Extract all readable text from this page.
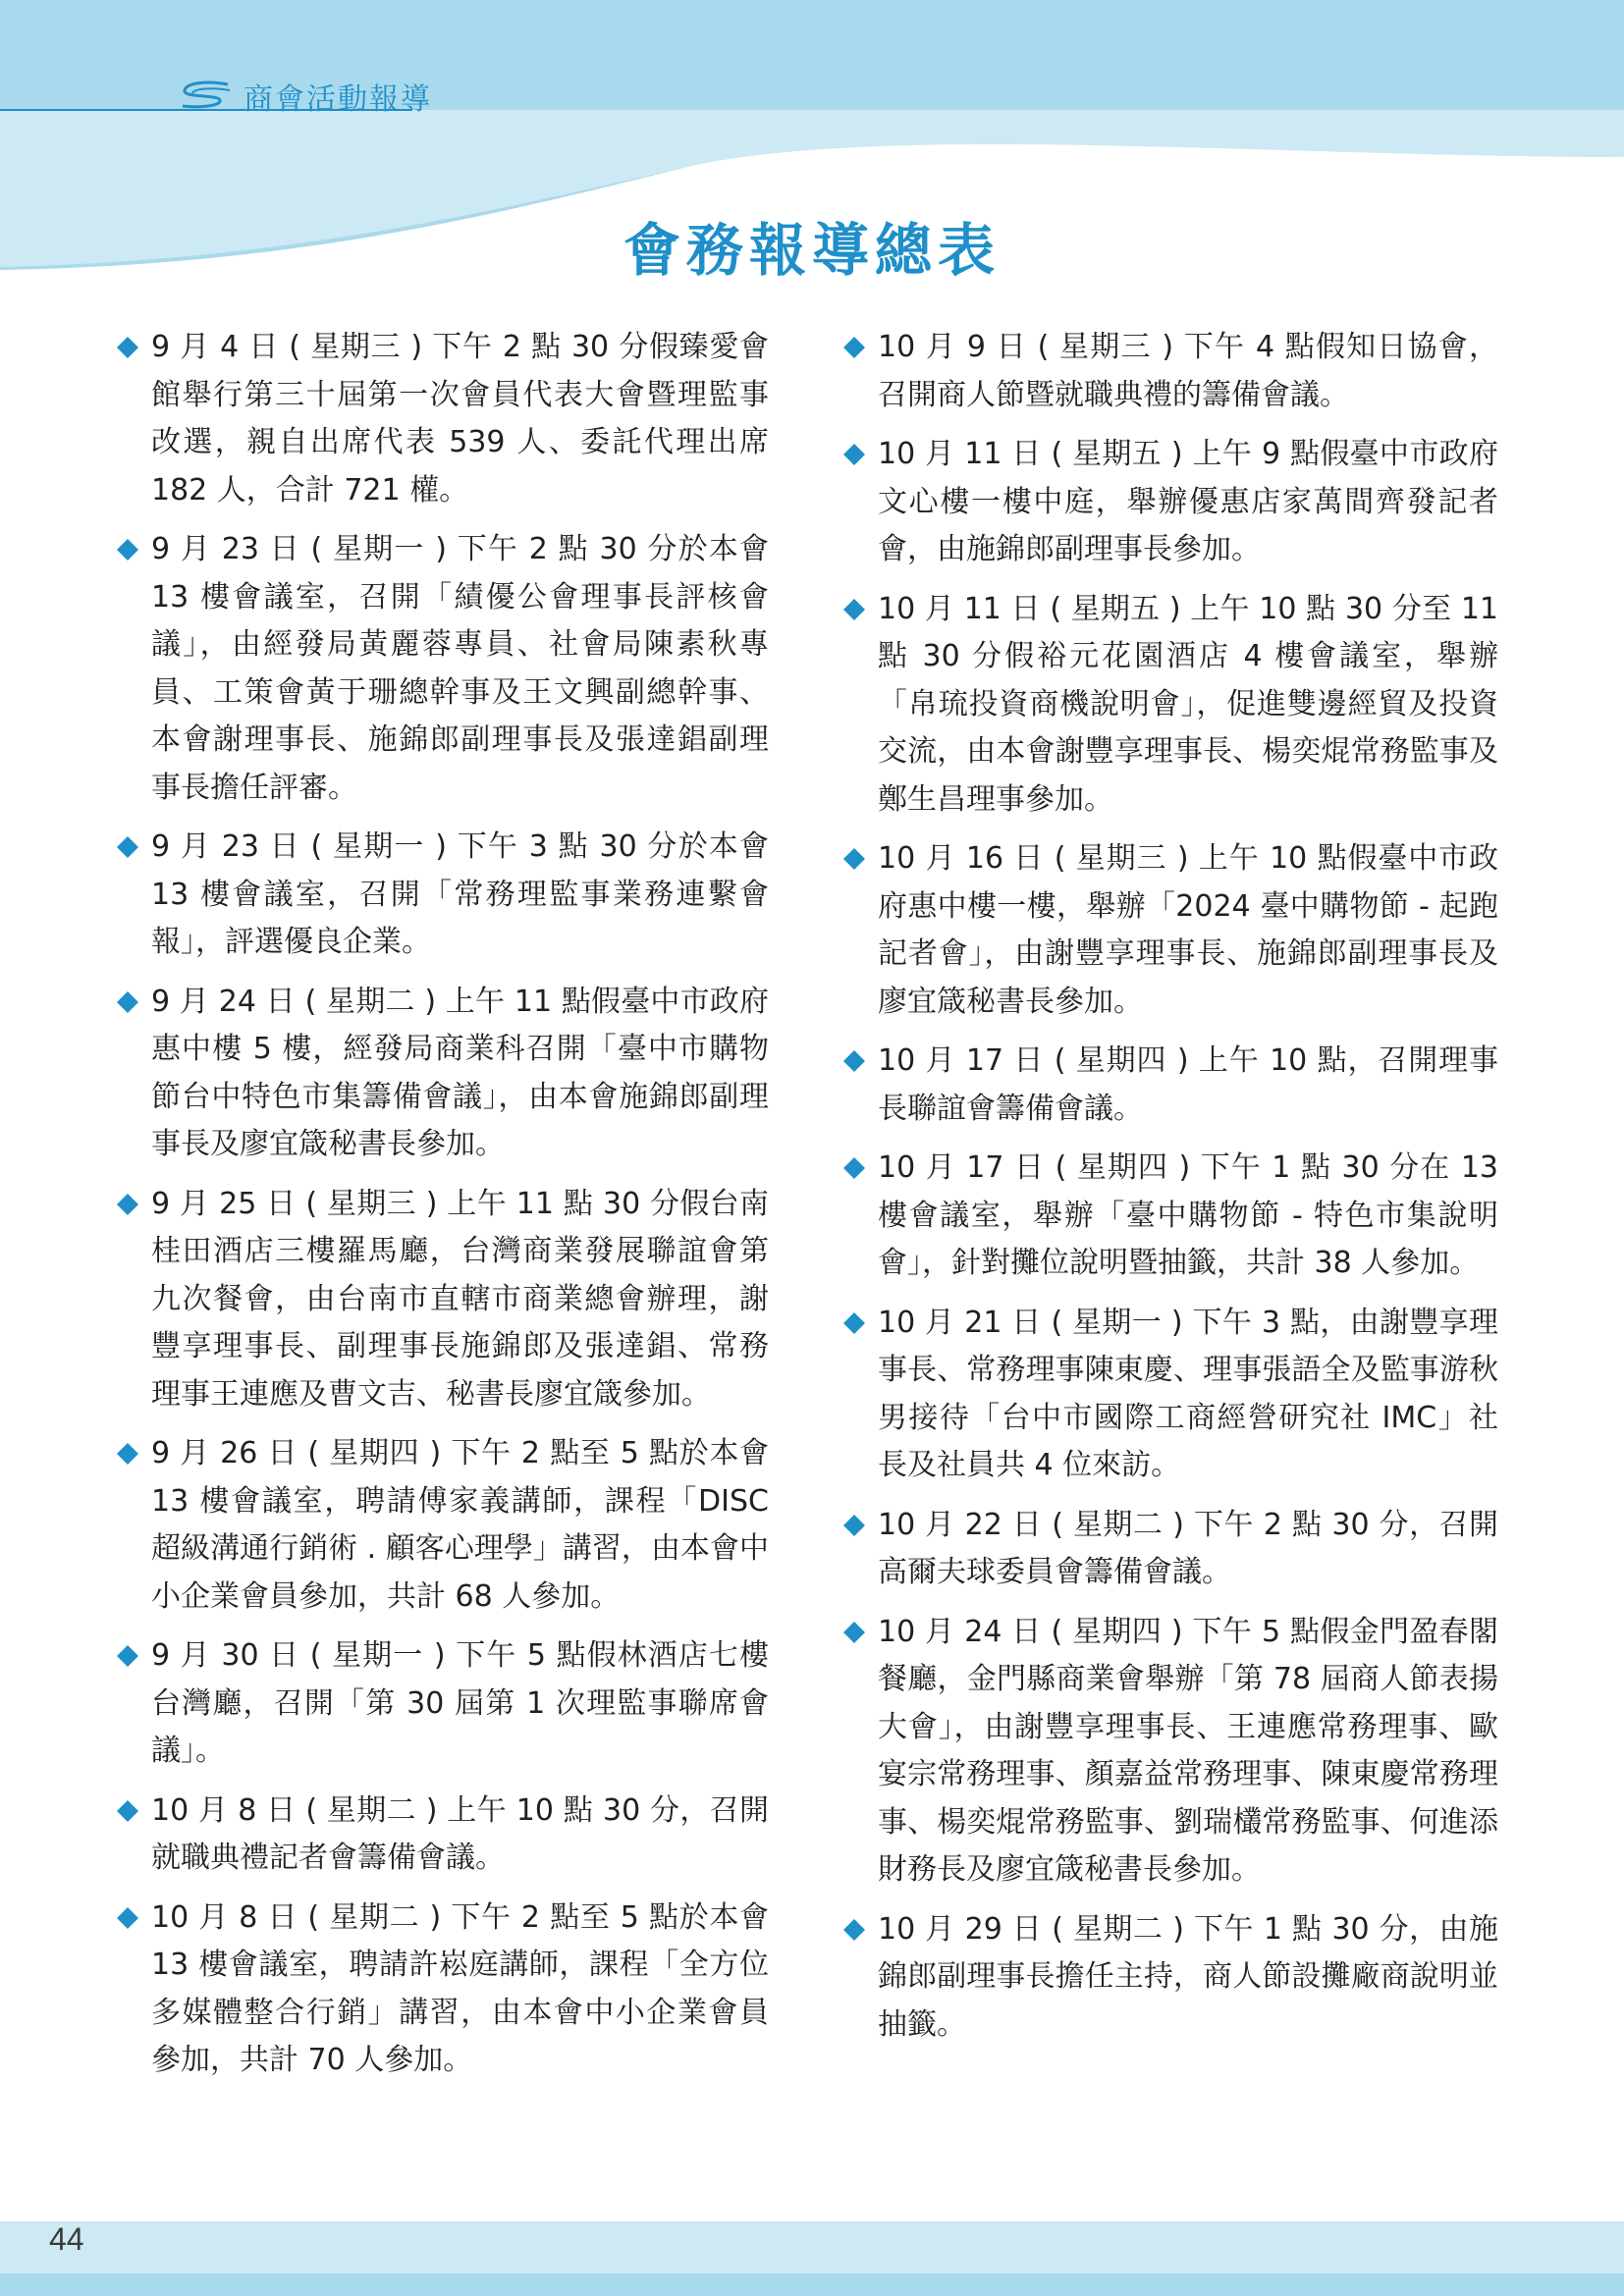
商會活動報導
會務報導總表
9 月 4 日 ( 星期三 ) 下午 2 點 30 分假臻愛會館舉行第三十屆第一次會員代表大會暨理監事改選，親自出席代表 539 人、委託代理出席 182 人，合計 721 權。
9 月 23 日 ( 星期一 ) 下午 2 點 30 分於本會 13 樓會議室，召開「績優公會理事長評核會議」，由經發局黃麗蓉專員、社會局陳素秋專員、工策會黃于珊總幹事及王文興副總幹事、本會謝理事長、施錦郎副理事長及張達錩副理事長擔任評審。
9 月 23 日 ( 星期一 ) 下午 3 點 30 分於本會 13 樓會議室，召開「常務理監事業務連繫會報」，評選優良企業。
9 月 24 日 ( 星期二 ) 上午 11 點假臺中市政府惠中樓 5 樓，經發局商業科召開「臺中市購物節台中特色市集籌備會議」，由本會施錦郎副理事長及廖宜箴秘書長參加。
9 月 25 日 ( 星期三 ) 上午 11 點 30 分假台南桂田酒店三樓羅馬廳，台灣商業發展聯誼會第九次餐會，由台南市直轄市商業總會辦理，謝豐享理事長、副理事長施錦郎及張達錩、常務理事王連應及曹文吉、秘書長廖宜箴參加。
9 月 26 日 ( 星期四 ) 下午 2 點至 5 點於本會 13 樓會議室，聘請傅家義講師，課程「DISC超級溝通行銷術 . 顧客心理學」講習，由本會中小企業會員參加，共計 68 人參加。
9 月 30 日 ( 星期一 ) 下午 5 點假林酒店七樓台灣廳，召開「第 30 屆第 1 次理監事聯席會議」。
10 月 8 日 ( 星期二 ) 上午 10 點 30 分，召開就職典禮記者會籌備會議。
10 月 8 日 ( 星期二 ) 下午 2 點至 5 點於本會 13 樓會議室，聘請許崧庭講師，課程「全方位多媒體整合行銷」講習，由本會中小企業會員參加，共計 70 人參加。
10 月 9 日 ( 星期三 ) 下午 4 點假知日協會，召開商人節暨就職典禮的籌備會議。
10 月 11 日 ( 星期五 ) 上午 9 點假臺中市政府文心樓一樓中庭，舉辦優惠店家萬間齊發記者會，由施錦郎副理事長參加。
10 月 11 日 ( 星期五 ) 上午 10 點 30 分至 11 點 30 分假裕元花園酒店 4 樓會議室，舉辦「帛琉投資商機說明會」，促進雙邊經貿及投資交流，由本會謝豐享理事長、楊奕焜常務監事及鄭生昌理事參加。
10 月 16 日 ( 星期三 ) 上午 10 點假臺中市政府惠中樓一樓，舉辦「2024 臺中購物節 - 起跑記者會」，由謝豐享理事長、施錦郎副理事長及廖宜箴秘書長參加。
10 月 17 日 ( 星期四 ) 上午 10 點，召開理事長聯誼會籌備會議。
10 月 17 日 ( 星期四 ) 下午 1 點 30 分在 13 樓會議室，舉辦「臺中購物節 - 特色市集說明會」，針對攤位說明暨抽籤，共計 38 人參加。
10 月 21 日 ( 星期一 ) 下午 3 點，由謝豐享理事長、常務理事陳東慶、理事張語全及監事游秋男接待「台中市國際工商經營研究社 IMC」社長及社員共 4 位來訪。
10 月 22 日 ( 星期二 ) 下午 2 點 30 分，召開高爾夫球委員會籌備會議。
10 月 24 日 ( 星期四 ) 下午 5 點假金門盈春閣餐廳，金門縣商業會舉辦「第 78 屆商人節表揚大會」，由謝豐享理事長、王連應常務理事、歐宴宗常務理事、顏嘉益常務理事、陳東慶常務理事、楊奕焜常務監事、劉瑞欉常務監事、何進添財務長及廖宜箴秘書長參加。
10 月 29 日 ( 星期二 ) 下午 1 點 30 分，由施錦郎副理事長擔任主持，商人節設攤廠商說明並抽籤。
44
